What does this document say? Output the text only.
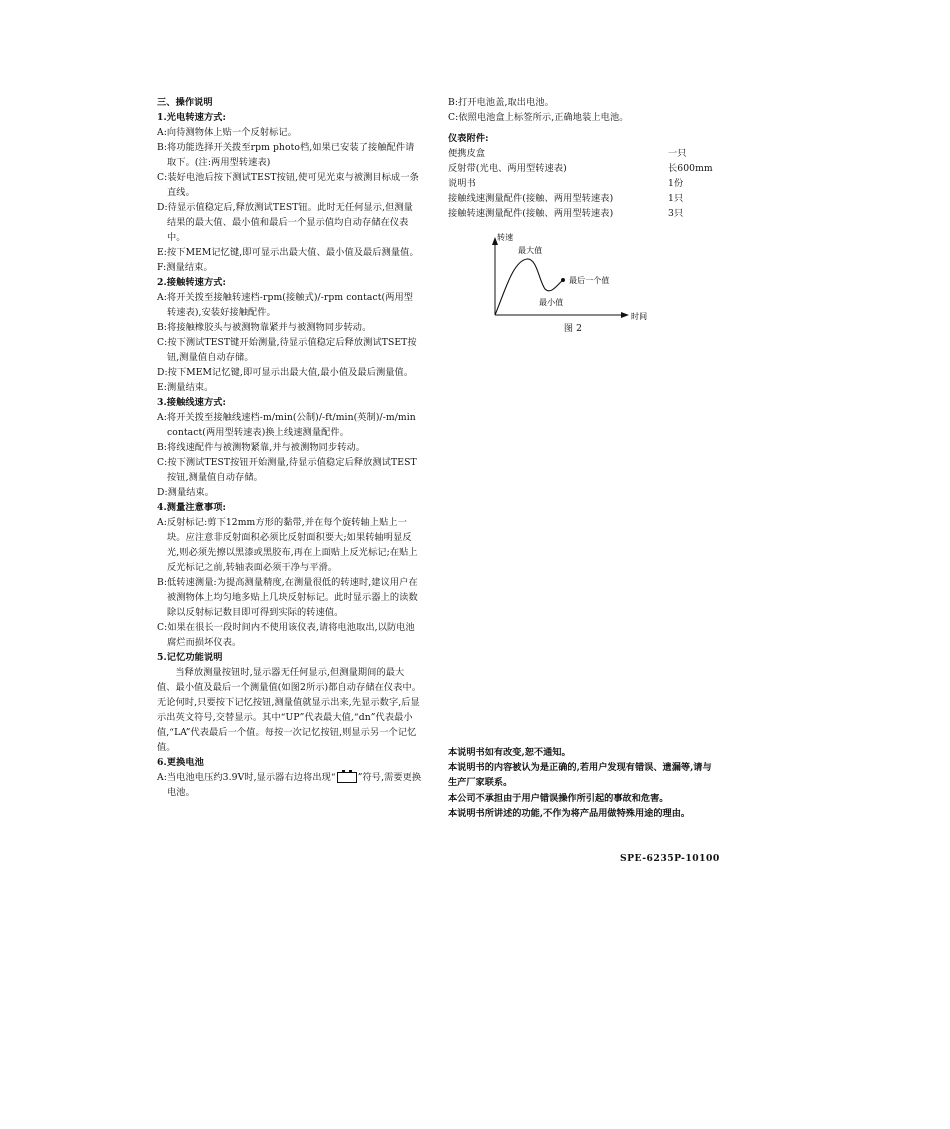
三、操作说明
1.光电转速方式:
A:向待测物体上贴一个反射标记。
B:将功能选择开关拨至rpm photo档,如果已安装了接触配件请取下。(注:两用型转速表)
C:装好电池后按下测试TEST按钮,使可见光束与被测目标成一条直线。
D:待显示值稳定后,释放测试TEST钮。此时无任何显示,但测量结果的最大值、最小值和最后一个显示值均自动存储在仪表中。
E:按下MEM记忆键,即可显示出最大值、最小值及最后测量值。
F:测量结束。
2.接触转速方式:
A:将开关拨至接触转速档-rpm(接触式)/-rpm contact(两用型转速表),安装好接触配件。
B:将接触橡胶头与被测物靠紧并与被测物同步转动。
C:按下测试TEST键开始测量,待显示值稳定后释放测试TSET按钮,测量值自动存储。
D:按下MEM记忆键,即可显示出最大值,最小值及最后测量值。
E:测量结束。
3.接触线速方式:
A:将开关拨至接触线速档-m/min(公制)/-ft/min(英制)/-m/min contact(两用型转速表)换上线速测量配件。
B:将线速配件与被测物紧靠,并与被测物同步转动。
C:按下测试TEST按钮开始测量,待显示值稳定后释放测试TEST按钮,测量值自动存储。
D:测量结束。
4.测量注意事项:
A:反射标记:剪下12mm方形的黏带,并在每个旋转轴上贴上一块。应注意非反射面积必须比反射面积要大;如果转轴明显反光,则必须先擦以黑漆或黑胶布,再在上面贴上反光标记;在贴上反光标记之前,转轴表面必须干净与平滑。
B:低转速测量:为提高测量精度,在测量很低的转速时,建议用户在被测物体上均匀地多贴上几块反射标记。此时显示器上的读数除以反射标记数目即可得到实际的转速值。
C:如果在很长一段时间内不使用该仪表,请将电池取出,以防电池腐烂而损坏仪表。
5.记忆功能说明
当释放测量按钮时,显示器无任何显示,但测量期间的最大值、最小值及最后一个测量值(如图2所示)都自动存储在仪表中。无论何时,只要按下记忆按钮,测量值就显示出来,先显示数字,后显示出英文符号,交替显示。其中“UP”代表最大值,“dn”代表最小值,“LA”代表最后一个值。每按一次记忆按钮,则显示另一个记忆值。
6.更换电池
A:当电池电压约3.9V时,显示器右边将出现“ ”符号,需要更换电池。
B:打开电池盖,取出电池。
C:依照电池盒上标签所示,正确地装上电池。
仪表附件:
便携皮盒	一只
反射带(光电、两用型转速表)	长600mm
说明书	1份
接触线速测量配件(接触、两用型转速表)	1只
接触转速测量配件(接触、两用型转速表)	3只
转速
最大值
最后一个值
最小值
时间
图 2
本说明书如有改变,恕不通知。
本说明书的内容被认为是正确的,若用户发现有错误、遗漏等,请与生产厂家联系。
本公司不承担由于用户错误操作所引起的事故和危害。
本说明书所讲述的功能,不作为将产品用做特殊用途的理由。
SPE-6235P-10100
